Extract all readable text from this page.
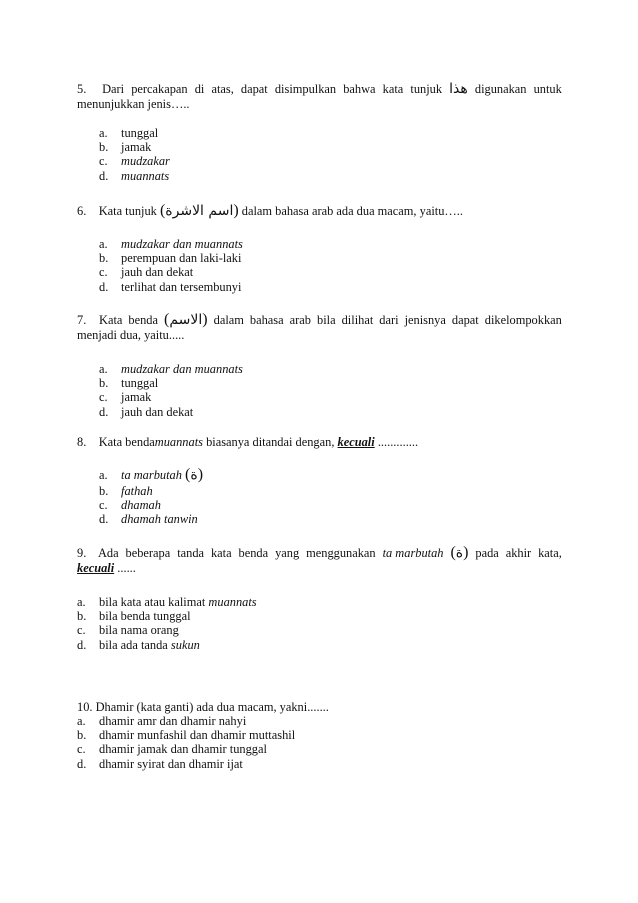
5.	Dari percakapan di atas, dapat disimpulkan bahwa kata tunjuk هذا digunakan untuk
menunjukkan jenis…..
a.	tunggal
b.	jamak
c.	mudzakar
d.	muannats
6. Kata tunjuk (اسم الاشرة) dalam bahasa arab ada dua macam, yaitu…..
a.	mudzakar dan muannats
b.	perempuan dan laki-laki
c.	jauh dan dekat
d.	terlihat dan tersembunyi
7.	Kata benda (الاسم) dalam bahasa arab bila dilihat dari jenisnya dapat dikelompokkan
menjadi dua, yaitu.....
a.	mudzakar dan muannats
b.	tunggal
c.	jamak
d.	jauh dan dekat
8. Kata bendamuannats biasanya ditandai dengan, kecuali .............
a.	ta marbutah
( ة )
b.	fathah
c.	dhamah
d.	dhamah tanwin
9. Ada beberapa tanda kata benda yang menggunakan ta marbutah (ة) pada akhir kata,
kecuali ......
a.	bila kata atau kalimat
muannats
b.	bila benda tunggal
c.	bila nama orang
d.	bila ada tanda
sukun
10. Dhamir (kata ganti) ada dua macam, yakni.......
a.	dhamir amr dan dhamir nahyi
b.	dhamir munfashil dan dhamir muttashil
c.	dhamir jamak dan dhamir tunggal
d.	dhamir syirat dan dhamir ijat
